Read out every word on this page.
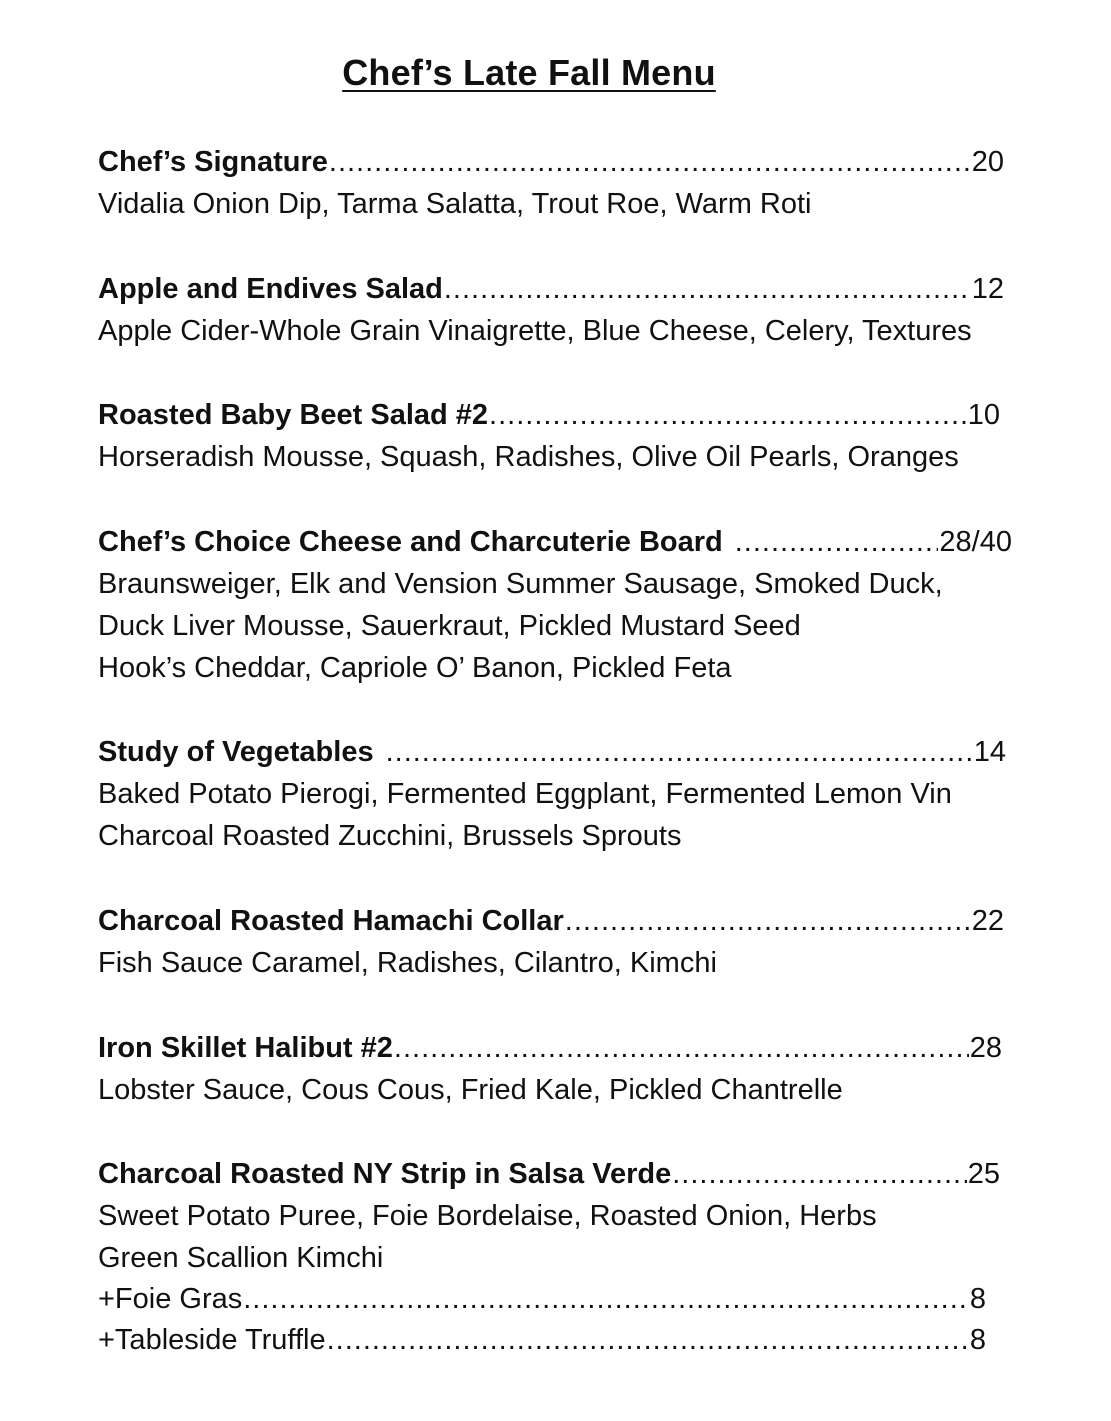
Chef’s Late Fall Menu
Chef’s Signature .....	20
Vidalia Onion Dip, Tarma Salatta, Trout Roe, Warm Roti
Apple and Endives Salad .....	12
Apple Cider-Whole Grain Vinaigrette, Blue Cheese, Celery, Textures
Roasted Baby Beet Salad #2 .....	10
Horseradish Mousse, Squash, Radishes, Olive Oil Pearls, Oranges
Chef’s Choice Cheese and Charcuterie Board .....	28/40
Braunsweiger, Elk and Vension Summer Sausage, Smoked Duck,
Duck Liver Mousse, Sauerkraut, Pickled Mustard Seed
Hook’s Cheddar, Capriole O’ Banon, Pickled Feta
Study of Vegetables .....	14
Baked Potato Pierogi, Fermented Eggplant, Fermented Lemon Vin
Charcoal Roasted Zucchini, Brussels Sprouts
Charcoal Roasted Hamachi Collar .....	22
Fish Sauce Caramel, Radishes, Cilantro, Kimchi
Iron Skillet Halibut #2 .....	28
Lobster Sauce, Cous Cous, Fried Kale, Pickled Chantrelle
Charcoal Roasted NY Strip in Salsa Verde .....	25
Sweet Potato Puree, Foie Bordelaise, Roasted Onion, Herbs
Green Scallion Kimchi
+Foie Gras .....	8
+Tableside Truffle .....	8
